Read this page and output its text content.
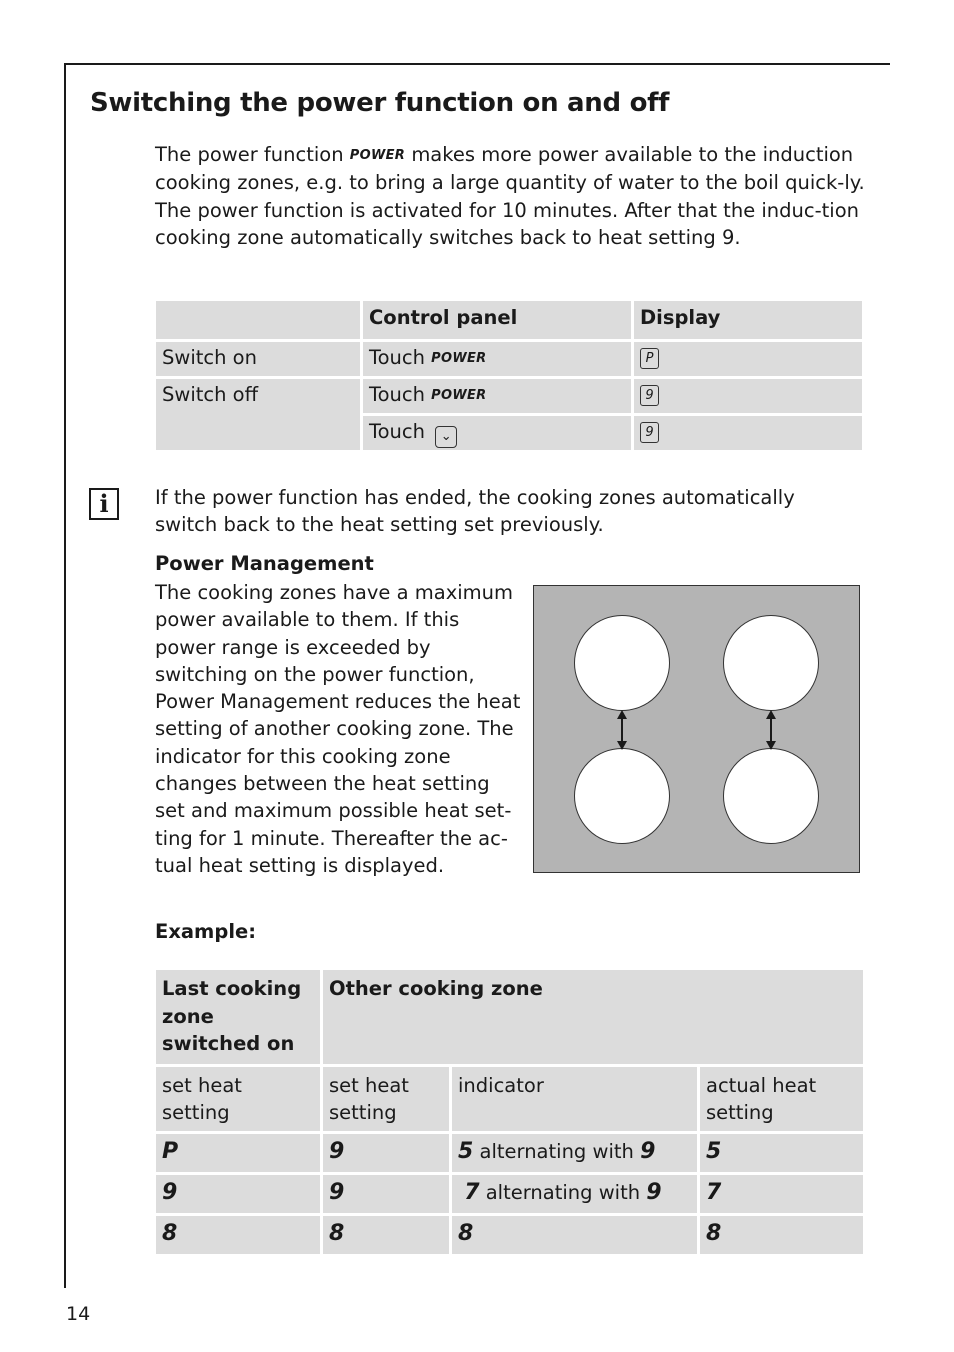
Switching the power function on and off
The power function POWER makes more power available to the induction cooking zones, e.g. to bring a large quantity of water to the boil quick-ly.
The power function is activated for 10 minutes. After that the induc-tion cooking zone automatically switches back to heat setting 9.
	Control panel	Display
Switch on	Touch POWER	P
Switch off	Touch POWER	9
	Touch ⌄	9
i	If the power function has ended, the cooking zones automatically switch back to the heat setting set previously.

Power Management

The cooking zones have a maximum power available to them. If this power range is exceeded by switching on the power function, Power Management reduces the heat setting of another cooking zone. The indicator for this cooking zone changes between the heat setting set and maximum possible heat set-ting for 1 minute. Thereafter the ac-tual heat setting is displayed.

Example:

Last cooking zone switched on	Other cooking zone		
set heat setting	set heat setting	indicator	actual heat setting
P	9	5 alternating with 9	5
9	9	7 alternating with 9	7
8	8	8	8

14
